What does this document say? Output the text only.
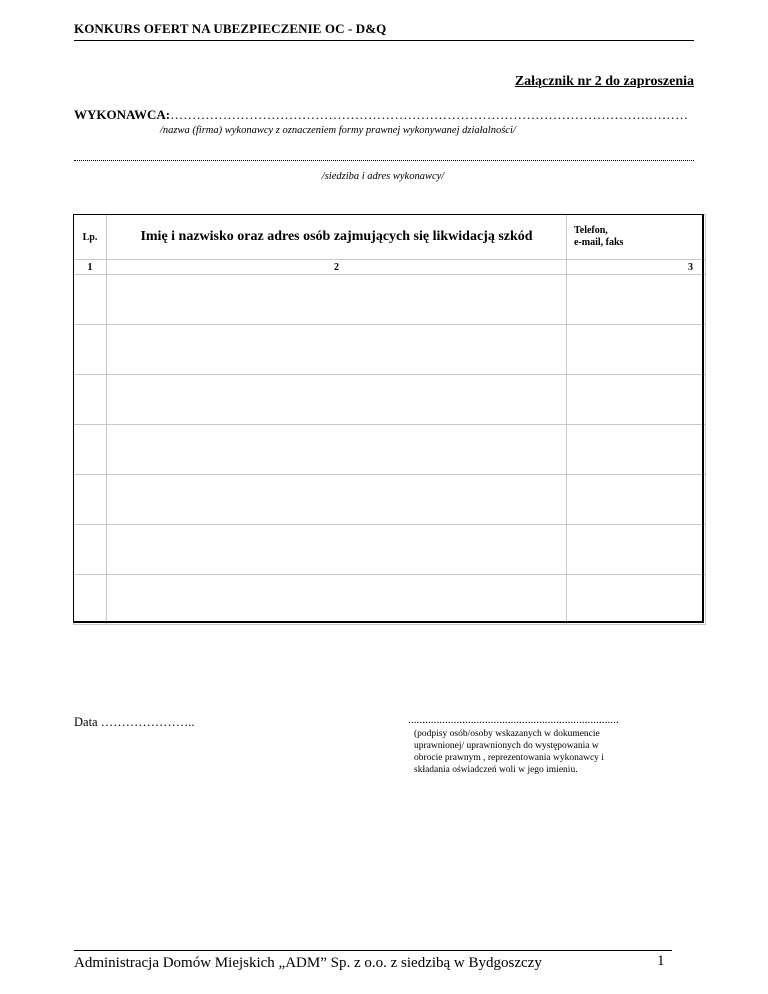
KONKURS OFERT NA UBEZPIECZENIE OC - D&Q
Załącznik nr 2 do zaproszenia
WYKONAWCA:……………………………………………………………………………………………….………
/nazwa (firma) wykonawcy z oznaczeniem formy prawnej wykonywanej działalności/
/siedziba i adres wykonawcy/
Lp.	Imię i nazwisko oraz adres osób zajmujących się likwidacją szkód	Telefon,
e-mail, faks

1	2	3

Data …………………..	..........................................................................
(podpisy osób/osoby wskazanych w dokumencie uprawnionej/ uprawnionych do występowania w obrocie prawnym , reprezentowania wykonawcy i składania oświadczeń woli w jego imieniu.
Administracja Domów Miejskich „ADM” Sp. z o.o. z siedzibą w Bydgoszczy	1
